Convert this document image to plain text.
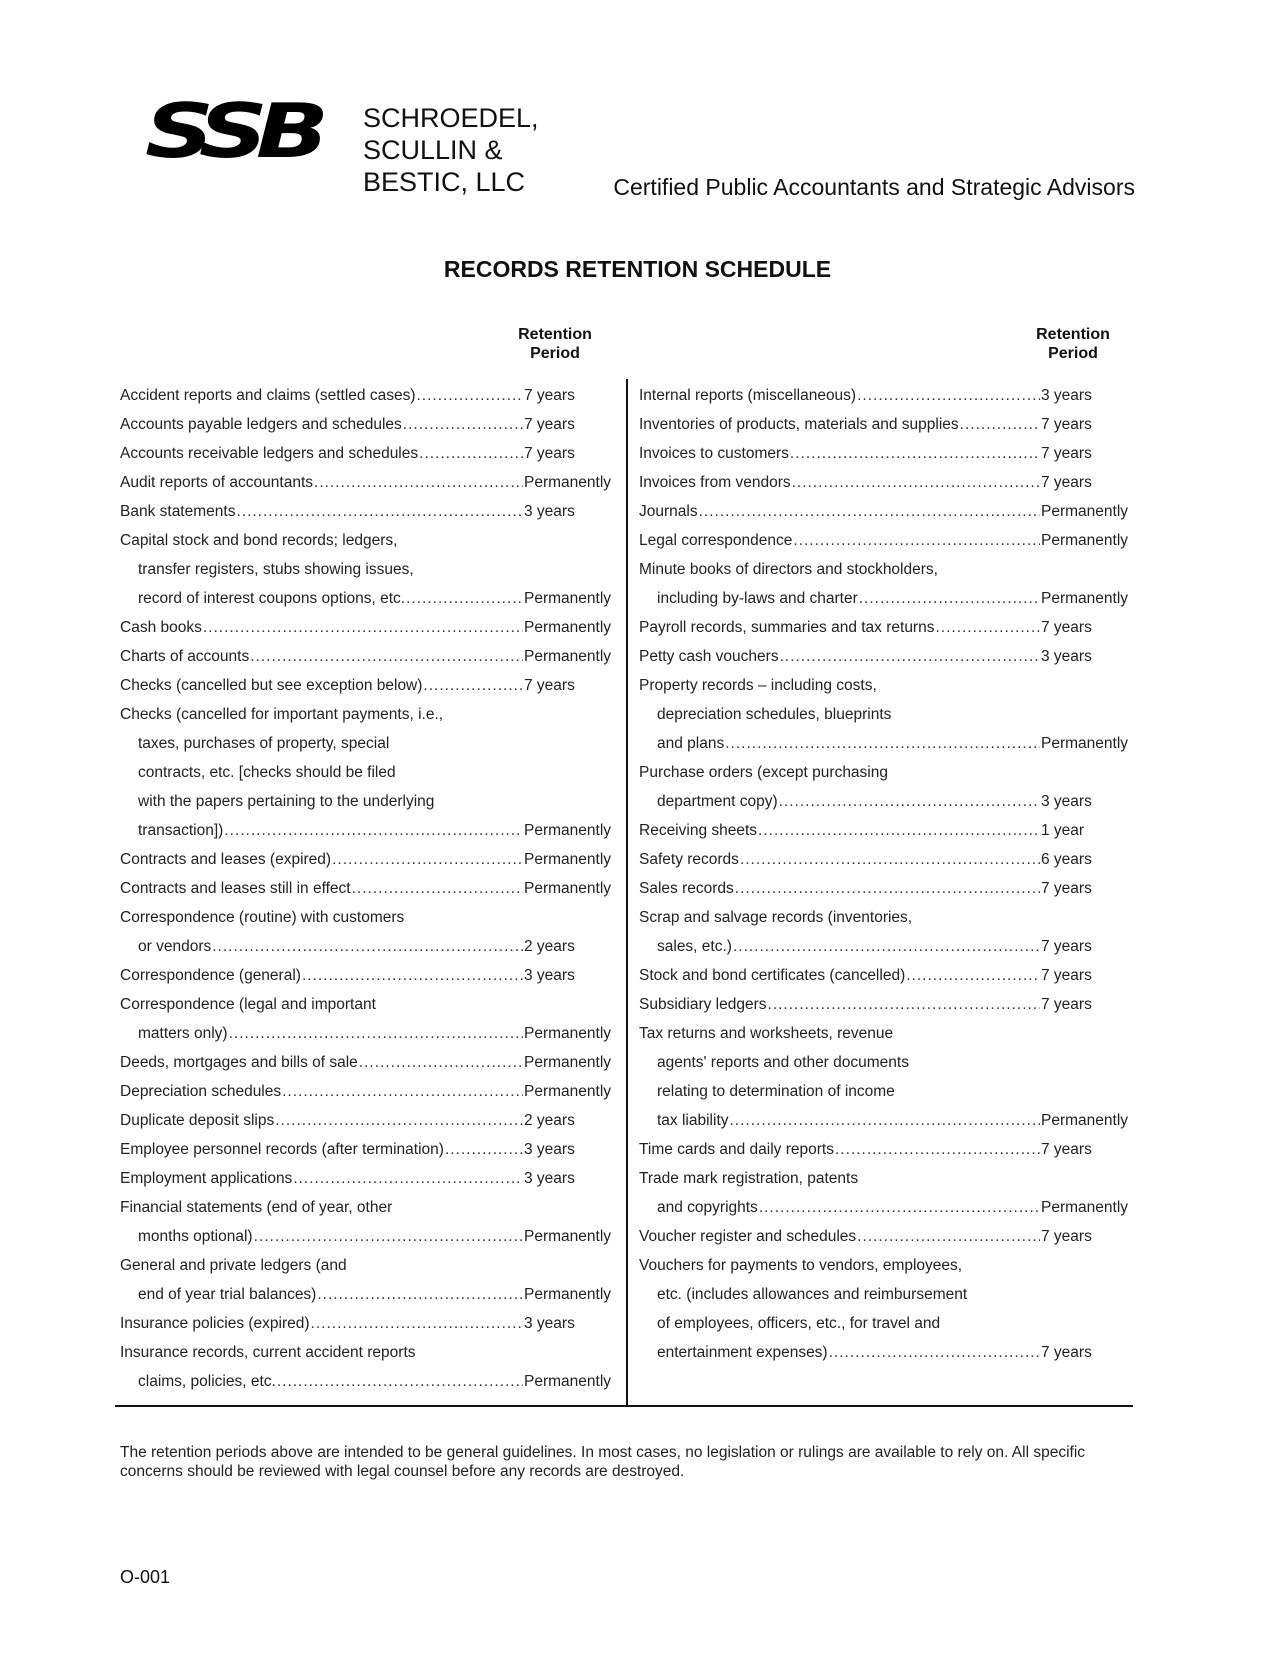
SSB SCHROEDEL,
SCULLIN &
BESTIC, LLC	Certified Public Accountants and Strategic Advisors
RECORDS RETENTION SCHEDULE
Retention
Period
Retention
Period
Accident reports and claims (settled cases) .....	7 years
Accounts payable ledgers and schedules .....	7 years
Accounts receivable ledgers and schedules .....	7 years
Audit reports of accountants .....	Permanently
Bank statements .....	3 years
Capital stock and bond records; ledgers,
transfer registers, stubs showing issues,
record of interest coupons options, etc. .....	Permanently
Cash books .....	Permanently
Charts of accounts .....	Permanently
Checks (cancelled but see exception below) .....	7 years
Checks (cancelled for important payments, i.e.,
taxes, purchases of property, special
contracts, etc. [checks should be filed
with the papers pertaining to the underlying
transaction]) .....	Permanently
Contracts and leases (expired) .....	Permanently
Contracts and leases still in effect .....	Permanently
Correspondence (routine) with customers
or vendors .....	2 years
Correspondence (general) .....	3 years
Correspondence (legal and important
matters only) .....	Permanently
Deeds, mortgages and bills of sale .....	Permanently
Depreciation schedules .....	Permanently
Duplicate deposit slips .....	2 years
Employee personnel records (after termination) .....	3 years
Employment applications .....	3 years
Financial statements (end of year, other
months optional) .....	Permanently
General and private ledgers (and
end of year trial balances) .....	Permanently
Insurance policies (expired) .....	3 years
Insurance records, current accident reports
claims, policies, etc. .....	Permanently
Internal reports (miscellaneous) .....	3 years
Inventories of products, materials and supplies .....	7 years
Invoices to customers .....	7 years
Invoices from vendors .....	7 years
Journals .....	Permanently
Legal correspondence .....	Permanently
Minute books of directors and stockholders,
including by-laws and charter .....	Permanently
Payroll records, summaries and tax returns .....	7 years
Petty cash vouchers .....	3 years
Property records – including costs,
depreciation schedules, blueprints
and plans .....	Permanently
Purchase orders (except purchasing
department copy) .....	3 years
Receiving sheets .....	1 year
Safety records .....	6 years
Sales records .....	7 years
Scrap and salvage records (inventories,
sales, etc.) .....	7 years
Stock and bond certificates (cancelled) .....	7 years
Subsidiary ledgers .....	7 years
Tax returns and worksheets, revenue
agents' reports and other documents
relating to determination of income
tax liability .....	Permanently
Time cards and daily reports .....	7 years
Trade mark registration, patents
and copyrights .....	Permanently
Voucher register and schedules .....	7 years
Vouchers for payments to vendors, employees,
etc. (includes allowances and reimbursement
of employees, officers, etc., for travel and
entertainment expenses) .....	7 years
The retention periods above are intended to be general guidelines. In most cases, no legislation or rulings are available to rely on. All specific concerns should be reviewed with legal counsel before any records are destroyed.
O-001
